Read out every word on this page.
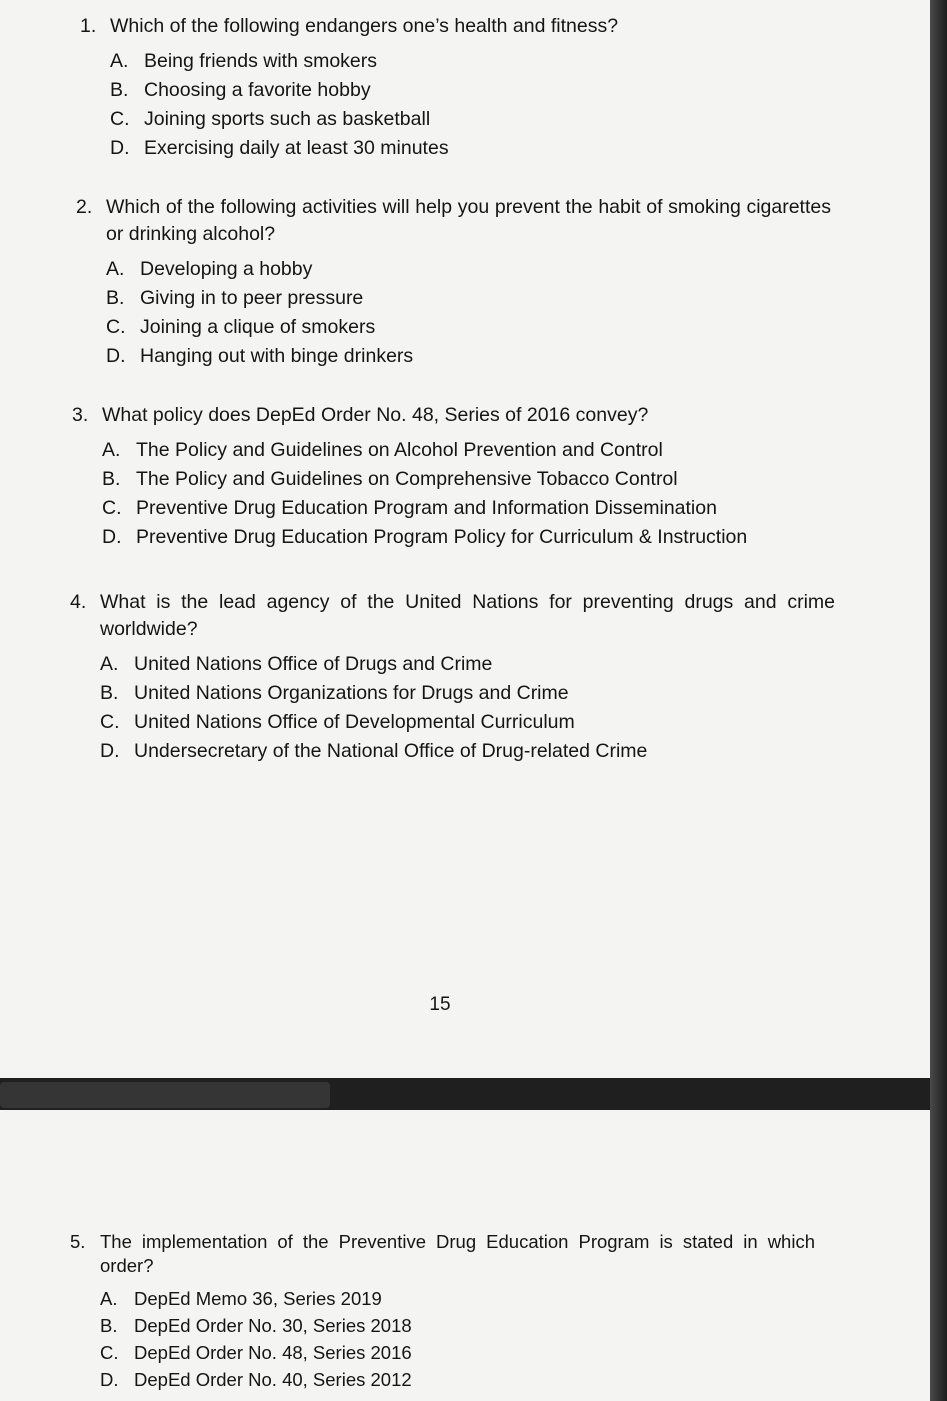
1. Which of the following endangers one’s health and fitness?
A. Being friends with smokers
B. Choosing a favorite hobby
C. Joining sports such as basketball
D. Exercising daily at least 30 minutes
2. Which of the following activities will help you prevent the habit of smoking cigarettes or drinking alcohol?
A. Developing a hobby
B. Giving in to peer pressure
C. Joining a clique of smokers
D. Hanging out with binge drinkers
3. What policy does DepEd Order No. 48, Series of 2016 convey?
A. The Policy and Guidelines on Alcohol Prevention and Control
B. The Policy and Guidelines on Comprehensive Tobacco Control
C. Preventive Drug Education Program and Information Dissemination
D. Preventive Drug Education Program Policy for Curriculum & Instruction
4. What is the lead agency of the United Nations for preventing drugs and crime worldwide?
A. United Nations Office of Drugs and Crime
B. United Nations Organizations for Drugs and Crime
C. United Nations Office of Developmental Curriculum
D. Undersecretary of the National Office of Drug-related Crime
15
5. The implementation of the Preventive Drug Education Program is stated in which order?
A. DepEd Memo 36, Series 2019
B. DepEd Order No. 30, Series 2018
C. DepEd Order No. 48, Series 2016
D. DepEd Order No. 40, Series 2012
